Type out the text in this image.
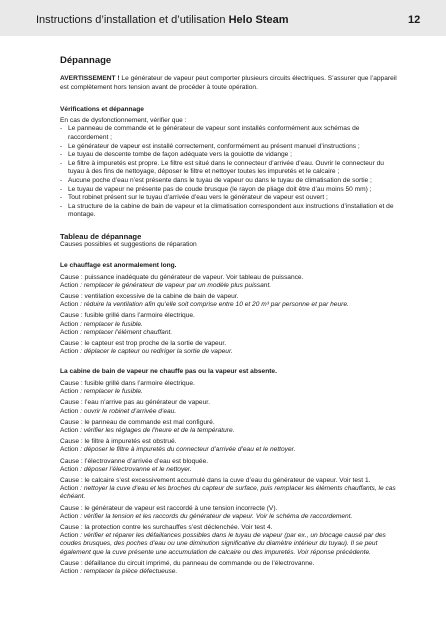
Instructions d’installation et d’utilisation Helo Steam	12
Dépannage

AVERTISSEMENT ! Le générateur de vapeur peut comporter plusieurs circuits électriques. S’assurer que l’appareil est complètement hors tension avant de procéder à toute opération.

Vérifications et dépannage

En cas de dysfonctionnement, vérifier que :

- Le panneau de commande et le générateur de vapeur sont installés conformément aux schémas de raccordement ;
- Le générateur de vapeur est installé correctement, conformément au présent manuel d’instructions ;
- Le tuyau de descente tombe de façon adéquate vers la gouiotte de vidange ;
- Le filtre à impuretés est propre. Le filtre est situé dans le connecteur d’arrivée d’eau. Ouvrir le connecteur du tuyau à des fins de nettoyage, déposer le filtre et nettoyer toutes les impuretés et le calcaire ;
- Aucune poche d’eau n’est présente dans le tuyau de vapeur ou dans le tuyau de climatisation de sortie ;
- Le tuyau de vapeur ne présente pas de coude brusque (le rayon de pliage doit être d’au moins 50 mm) ;
- Tout robinet présent sur le tuyau d’arrivée d’eau vers le générateur de vapeur est ouvert ;
- La structure de la cabine de bain de vapeur et la climatisation correspondent aux instructions d’installation et de montage.
Tableau de dépannage

Causes possibles et suggestions de réparation

Le chauffage est anormalement long.

Cause : puissance inadéquate du générateur de vapeur. Voir tableau de puissance.

Action : remplacer le générateur de vapeur par un modèle plus puissant.

Cause : ventilation excessive de la cabine de bain de vapeur.

Action : réduire la ventilation afin qu’elle soit comprise entre 10 et 20 m³ par personne et par heure.

Cause : fusible grillé dans l’armoire électrique.

Action : remplacer le fusible.

Action : remplacer l’élément chauffant.

Cause : le capteur est trop proche de la sortie de vapeur.

Action : déplacer le capteur ou rediriger la sortie de vapeur.

La cabine de bain de vapeur ne chauffe pas ou la vapeur est absente.

Cause : fusible grillé dans l’armoire électrique.

Action : remplacer le fusible.

Cause : l’eau n’arrive pas au générateur de vapeur.

Action : ouvrir le robinet d’arrivée d’eau.

Cause : le panneau de commande est mal configuré.

Action : vérifier les réglages de l’heure et de la température.

Cause : le filtre à impuretés est obstrué.

Action : déposer le filtre à impuretés du connecteur d’arrivée d’eau et le nettoyer.

Cause : l’électrovanne d’arrivée d’eau est bloquée.

Action : déposer l’électrovanne et le nettoyer.

Cause : le calcaire s’est excessivement accumulé dans la cuve d’eau du générateur de vapeur. Voir test 1.

Action : nettoyer la cuve d’eau et les broches du capteur de surface, puis remplacer les éléments chauffants, le cas échéant.

Cause : le générateur de vapeur est raccordé à une tension incorrecte (V).

Action : vérifier la tension et les raccords du générateur de vapeur. Voir le schéma de raccordement.

Cause : la protection contre les surchauffes s’est déclenchée. Voir test 4.

Action : vérifier et réparer les défaillances possibles dans le tuyau de vapeur (par ex., un blocage causé par des coudes brusques, des poches d’eau ou une diminution significative du diamètre intérieur du tuyau). Il se peut également que la cuve présente une accumulation de calcaire ou des impuretés. Voir réponse précédente.

Cause : défaillance du circuit imprimé, du panneau de commande ou de l’électrovanne.

Action : remplacer la pièce défectueuse.
